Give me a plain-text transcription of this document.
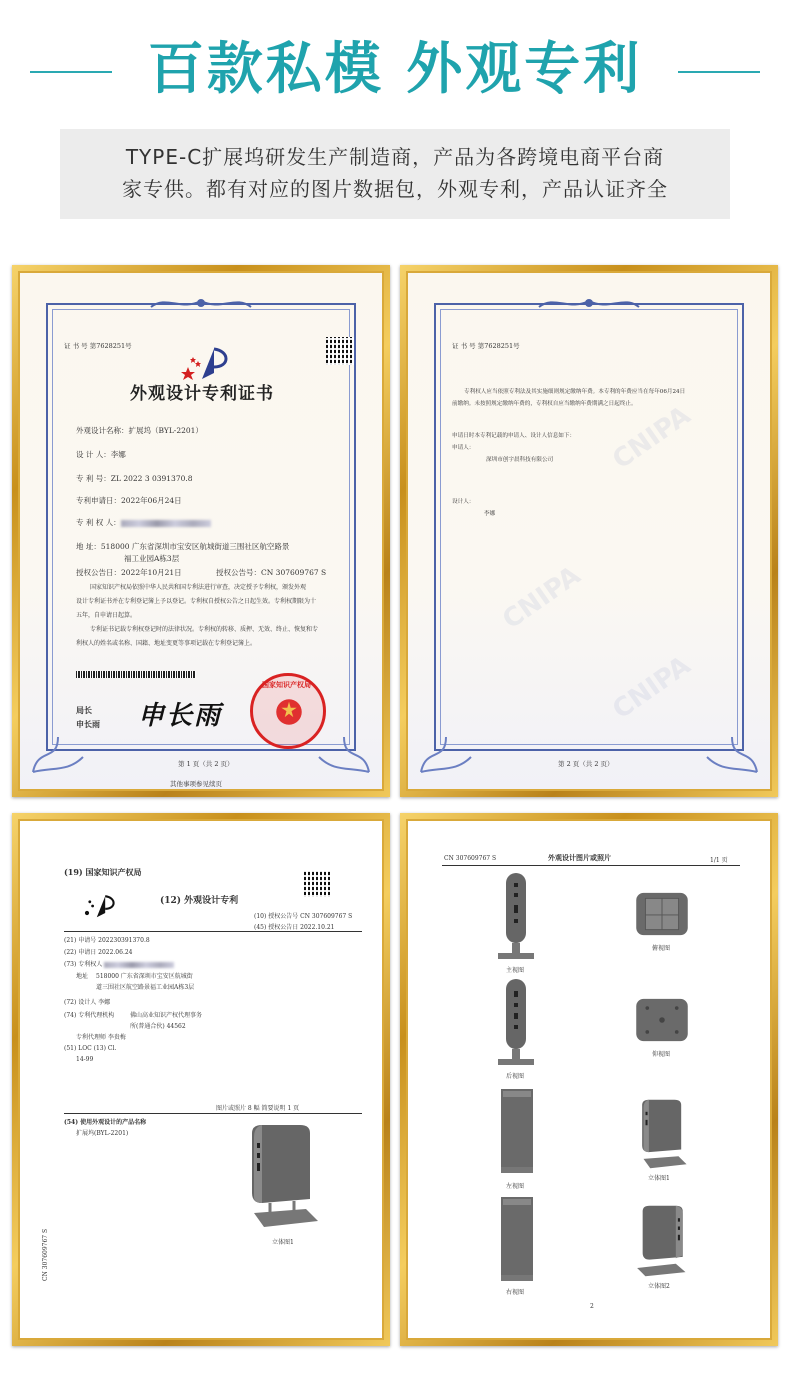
百款私模 外观专利
TYPE-C扩展坞研发生产制造商，产品为各跨境电商平台商
家专供。都有对应的图片数据包，外观专利，产品认证齐全
证 书 号 第7628251号
外观设计专利证书
外观设计名称：扩展坞（BYL-2201）
设 计 人：李娜
专 利 号：ZL 2022 3 0391370.8
专利申请日：2022年06月24日
专 利 权 人：
地 址：518000 广东省深圳市宝安区航城街道三围社区航空路景
福工业园A栋3层
授权公告日：2022年10月21日	授权公告号：CN 307609767 S
国家知识产权局依照中华人民共和国专利法进行审查，决定授予专利权，颁发外观
设计专利证书并在专利登记簿上予以登记。专利权自授权公告之日起生效。专利权期限为十
五年，自申请日起算。
专利证书记载专利权登记时的法律状况。专利权的转移、质押、无效、终止、恢复和专
利权人的姓名或名称、国籍、地址变更等事项记载在专利登记簿上。
局长
申长雨 申长雨
国家知识产权局
第 1 页（共 2 页）
其他事项参见续页
CNIPA
CNIPA
CNIPA
证 书 号 第7628251号
专利权人应当依照专利法及其实施细则规定缴纳年费。本专利的年费应当在每年06月24日
前缴纳。未按照规定缴纳年费的，专利权自应当缴纳年费期满之日起终止。
申请日时本专利记载的申请人、设计人信息如下：
申请人：
深圳市创宇晨科技有限公司
设计人：
李娜
第 2 页（共 2 页）
(19) 国家知识产权局
(12) 外观设计专利
(10) 授权公告号 CN 307609767 S
(45) 授权公告日 2022.10.21
(21) 申请号 202230391370.8
(22) 申请日 2022.06.24
(73) 专利权人
地址 518000 广东省深圳市宝安区航城街
道三围社区航空路景福工业园A栋3层
(72) 设计人 李娜
(74) 专利代理机构	佛山高业知识产权代理事务
所(普通合伙) 44562
专利代理师 李贵梅
(51) LOC (13) Cl.
14-99
图片或照片 8 幅 简要说明 1 页
(54) 使用外观设计的产品名称
扩展坞(BYL-2201)
立体图1
CN 307609767 S
CN 307609767 S	外观设计图片或照片	1/1 页
主视图
俯视图
后视图
仰视图
左视图
立体图1
右视图
立体图2
2
